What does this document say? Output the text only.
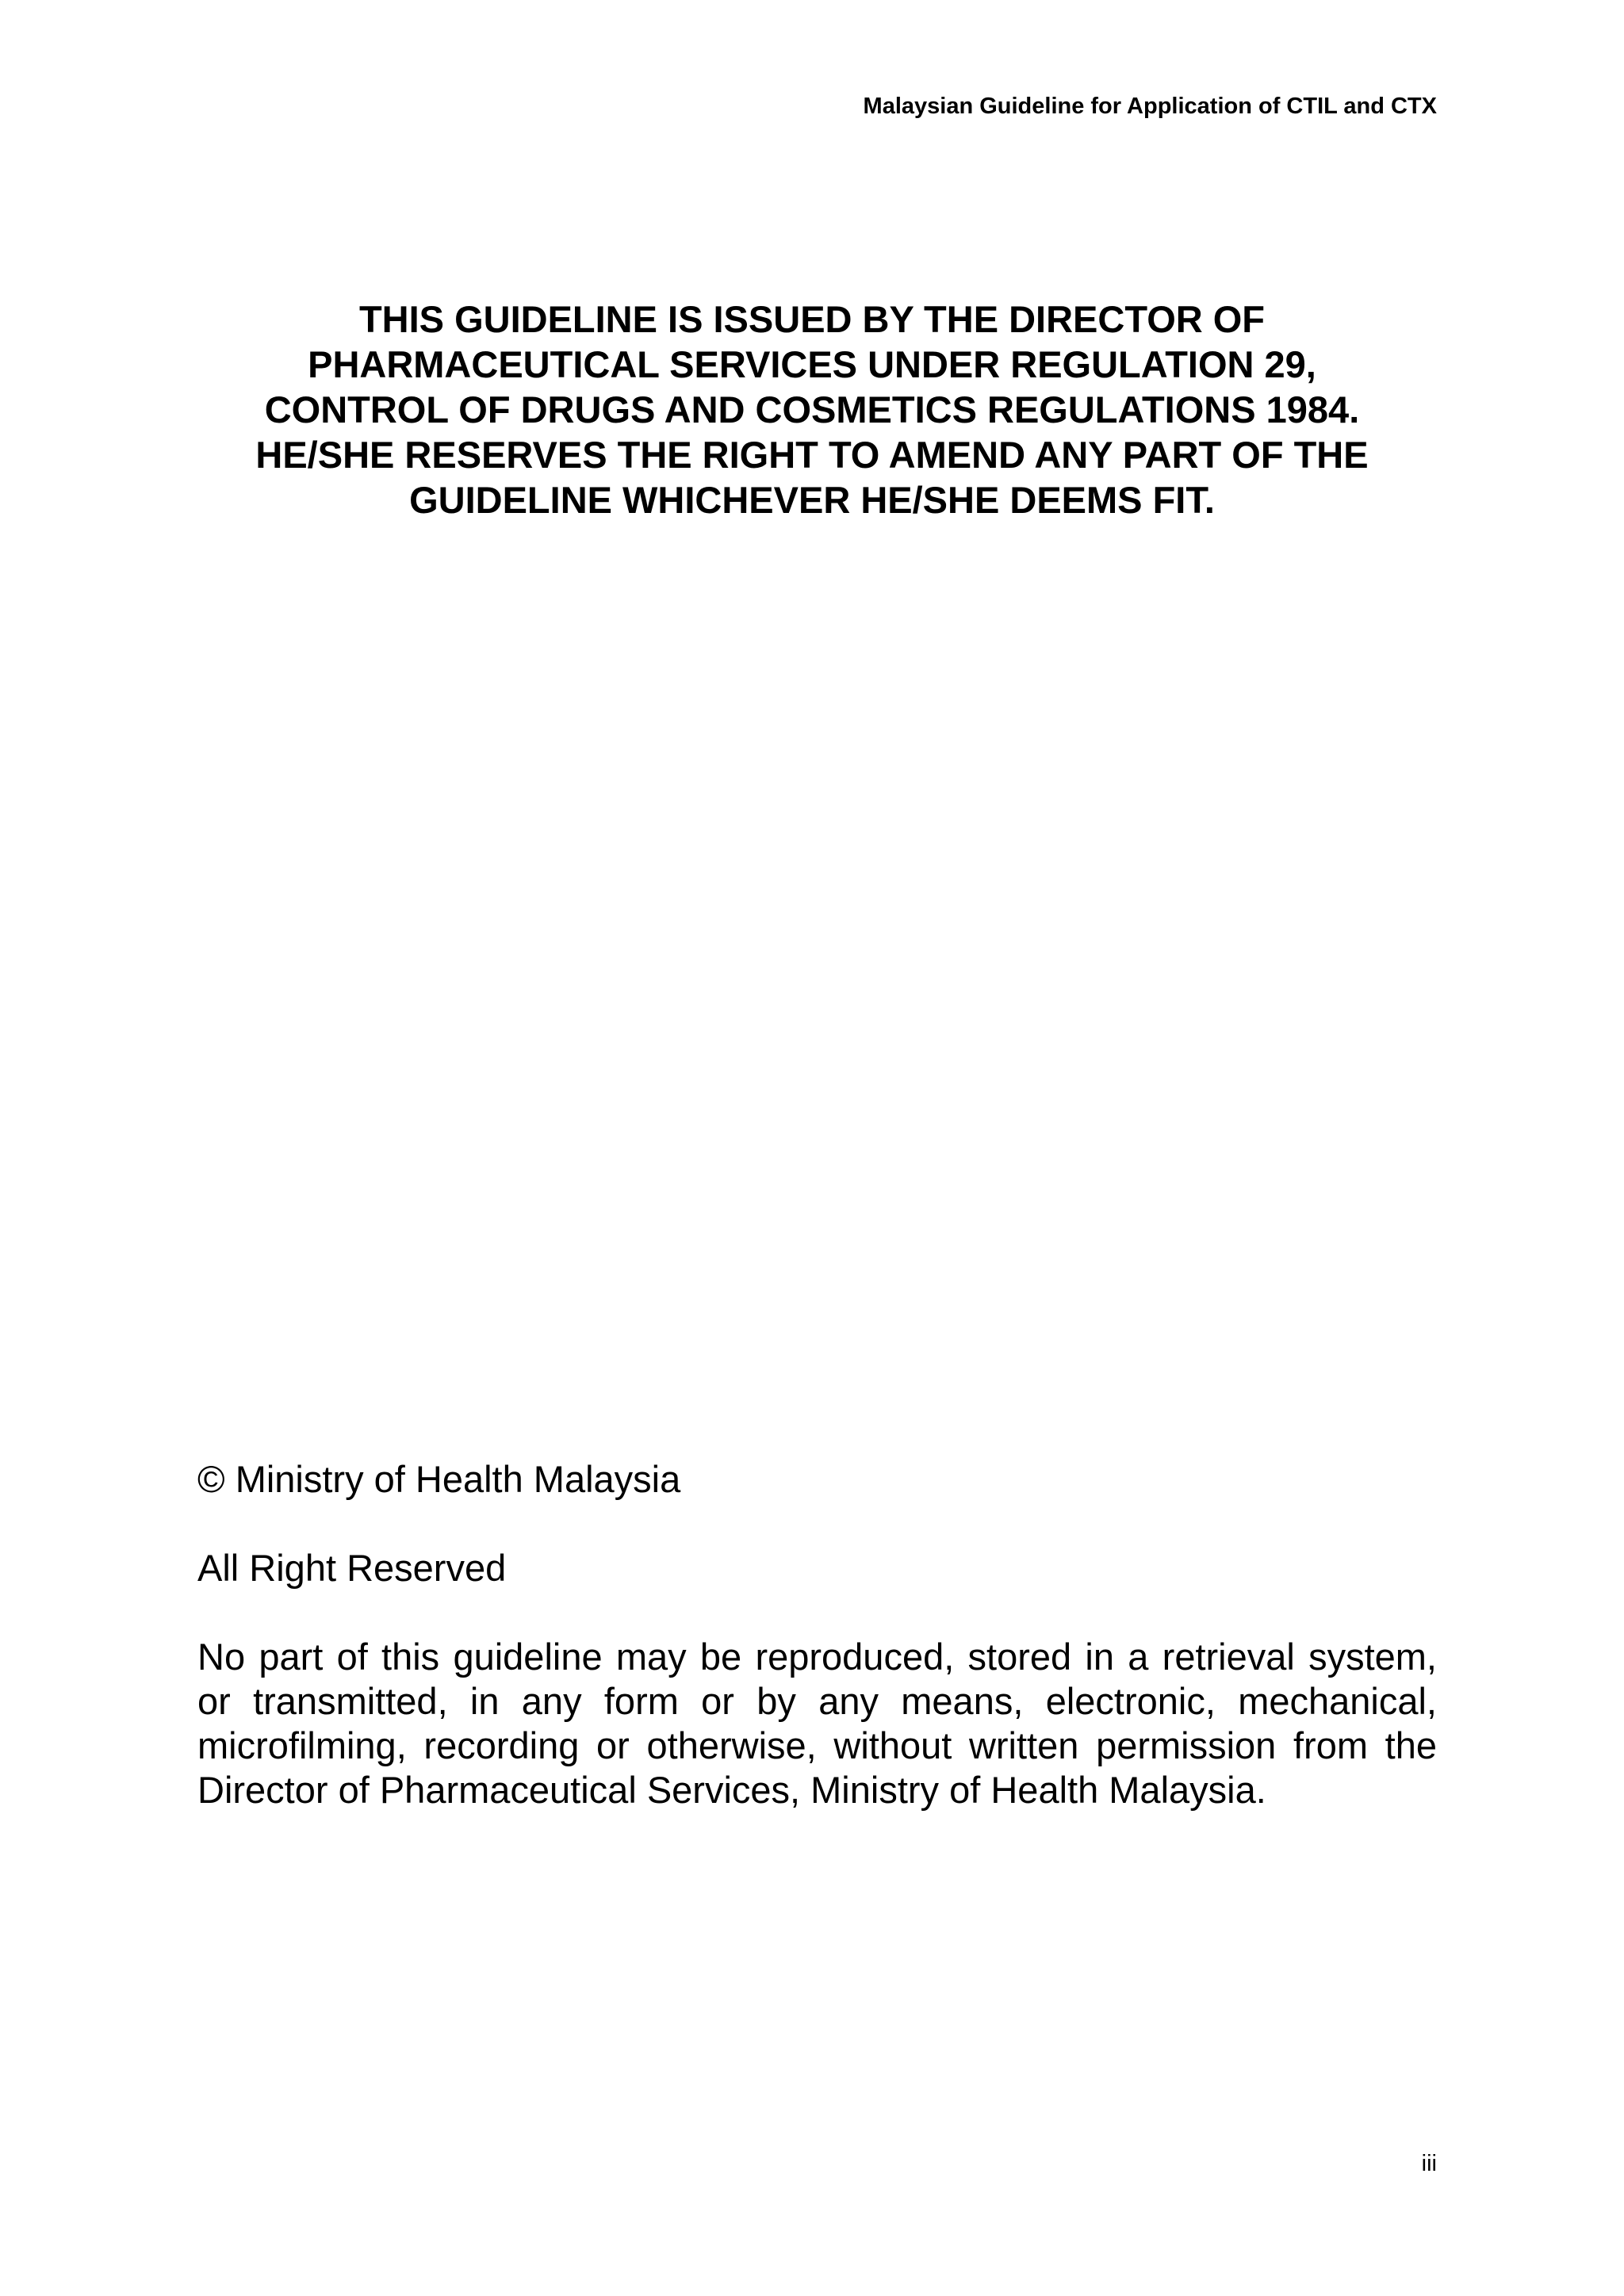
Malaysian Guideline for Application of CTIL and CTX
THIS GUIDELINE IS ISSUED BY THE DIRECTOR OF
PHARMACEUTICAL SERVICES UNDER REGULATION 29,
CONTROL OF DRUGS AND COSMETICS REGULATIONS 1984.
HE/SHE RESERVES THE RIGHT TO AMEND ANY PART OF THE
GUIDELINE WHICHEVER HE/SHE DEEMS FIT.

© Ministry of Health Malaysia

All Right Reserved

No part of this guideline may be reproduced, stored in a retrieval system,
or transmitted, in any form or by any means, electronic, mechanical,
microfilming, recording or otherwise, without written permission from the
Director of Pharmaceutical Services, Ministry of Health Malaysia.

iii
